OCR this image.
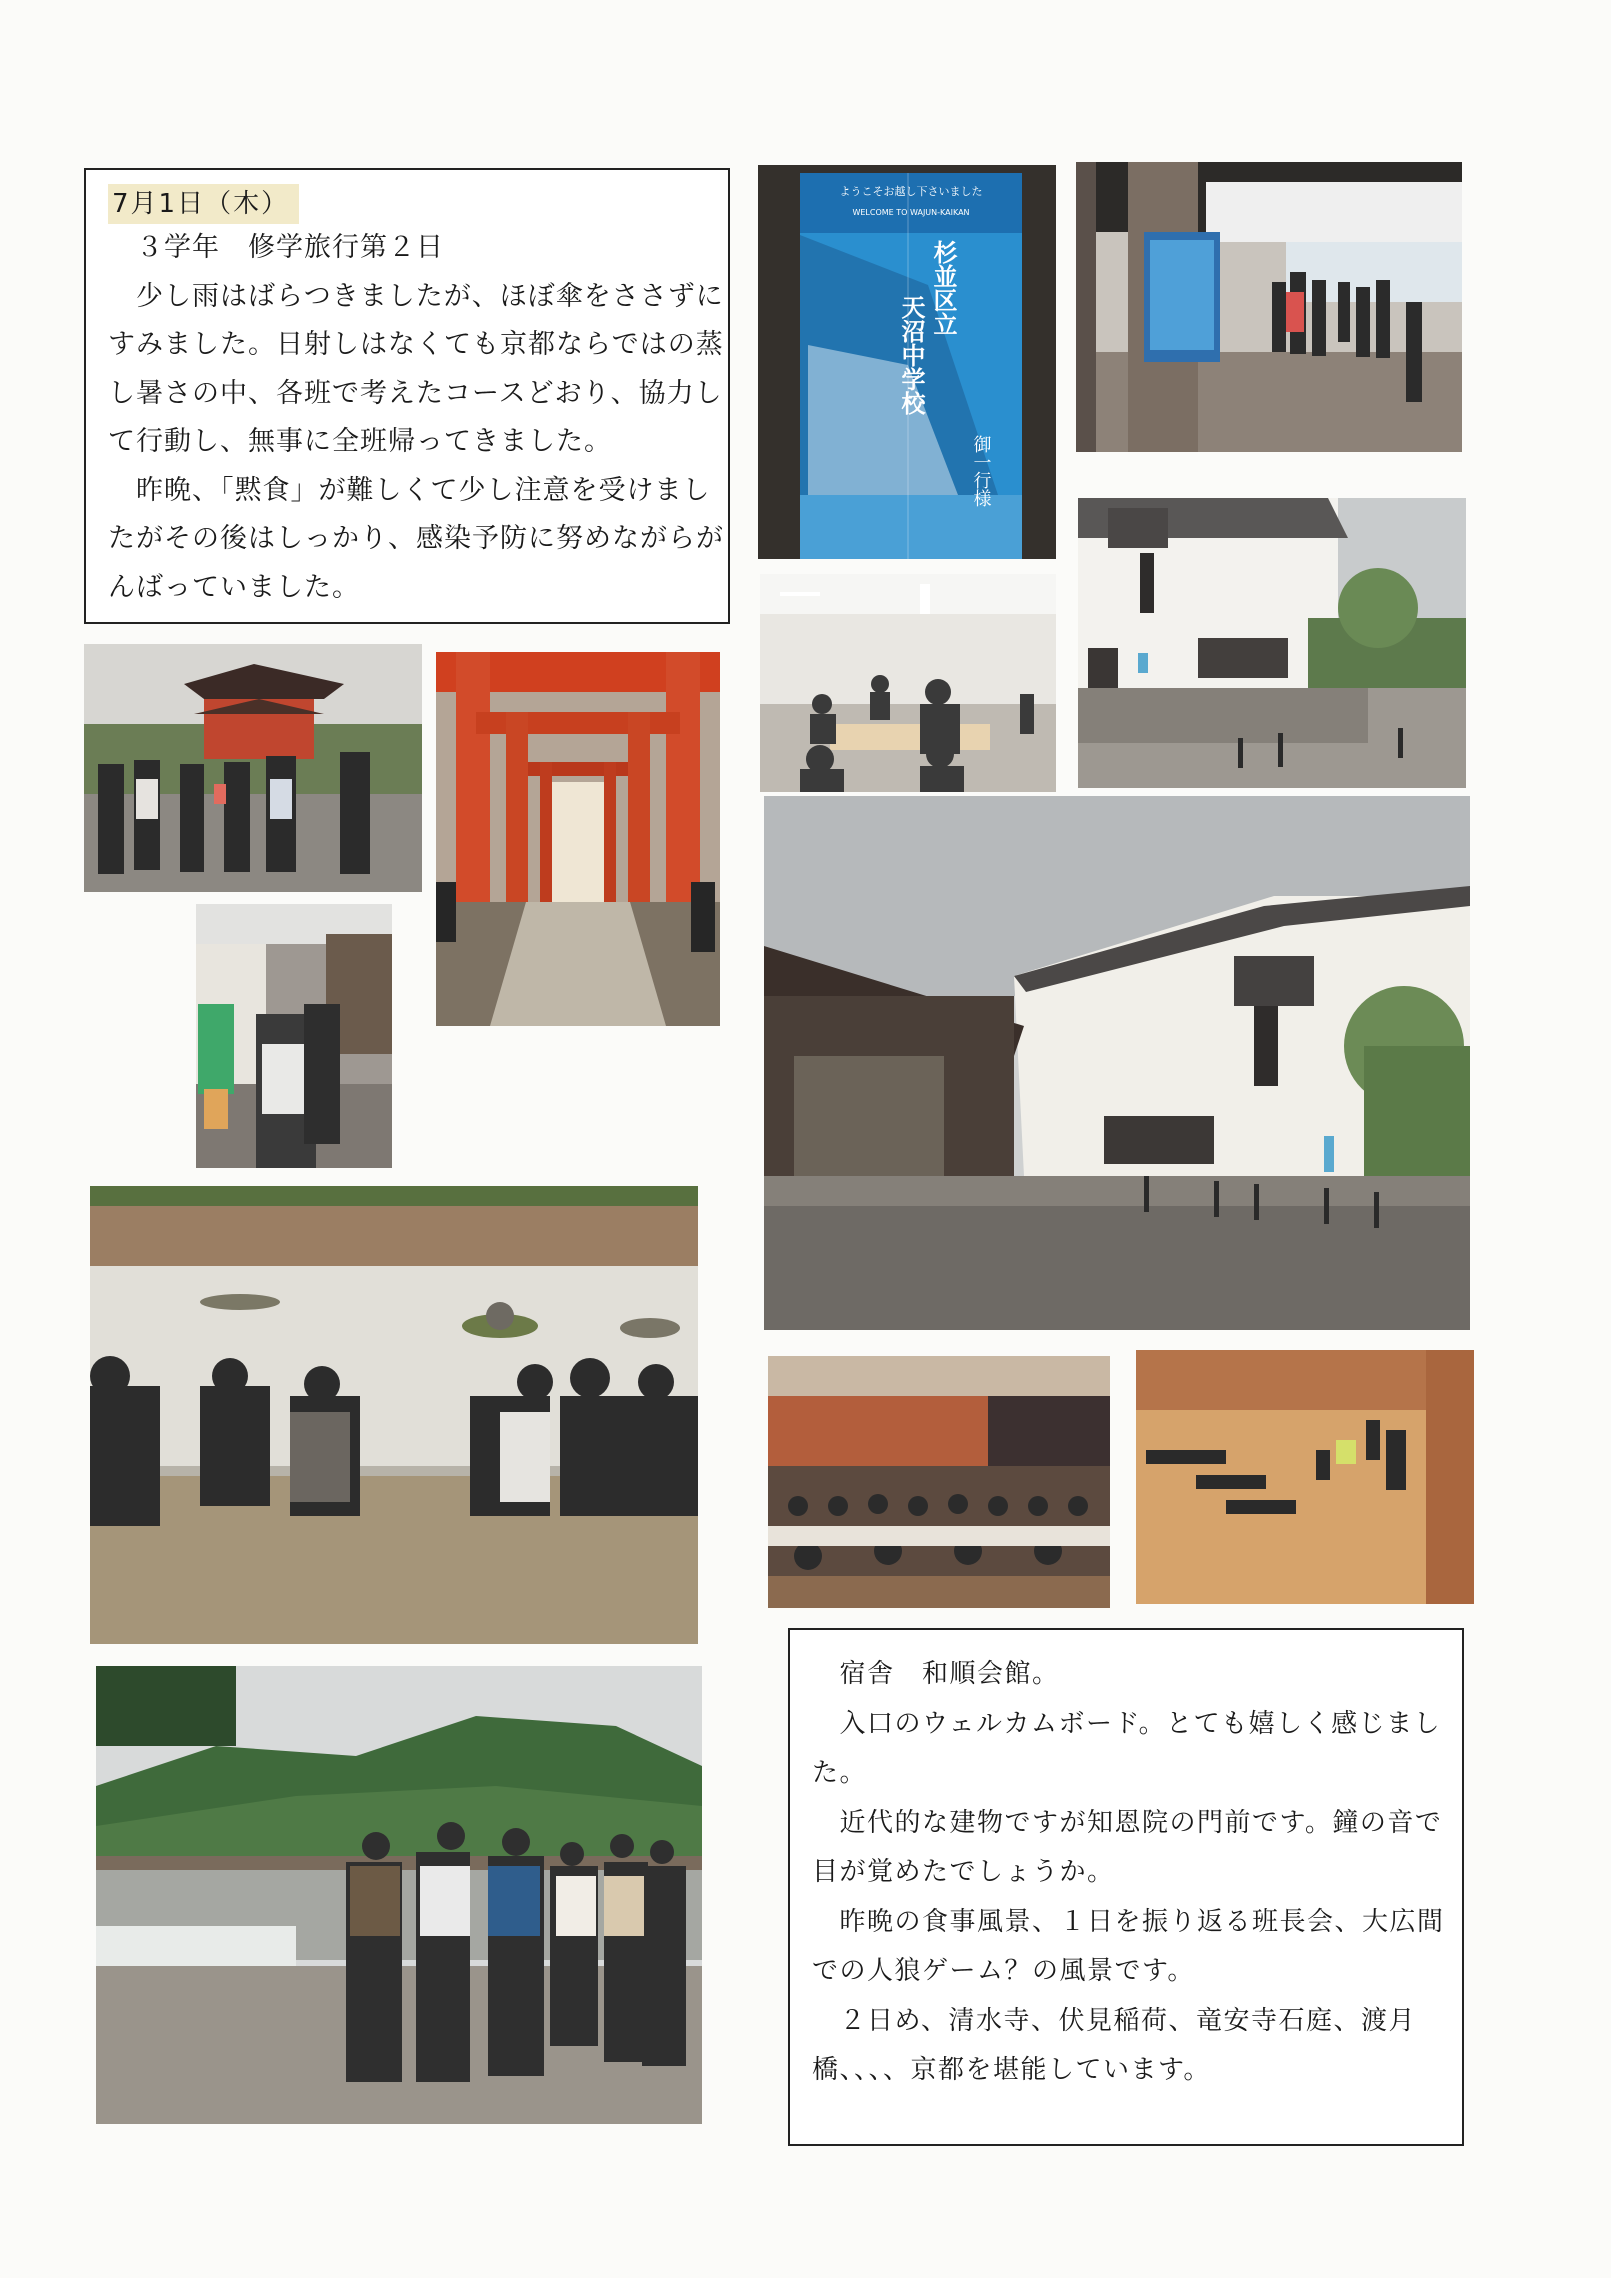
7月1日（木）
　３学年　修学旅行第２日
　少し雨はばらつきましたが、ほぼ傘をささずに
すみました。日射しはなくても京都ならではの蒸
し暑さの中、各班で考えたコースどおり、協力し
て行動し、無事に全班帰ってきました。
　昨晩、「黙食」が難しくて少し注意を受けまし
たがその後はしっかり、感染予防に努めながらが
んばっていました。
ようこそお越し下さいました
WELCOME TO WAJUN-KAIKAN
杉並区立
天沼中学校
御一行様
　宿舎　和順会館。
　入口のウェルカムボード。とても嬉しく感じまし
た。
　近代的な建物ですが知恩院の門前です。鐘の音で
目が覚めたでしょうか。
　昨晩の食事風景、１日を振り返る班長会、大広間
での人狼ゲーム？の風景です。
　２日め、清水寺、伏見稲荷、竜安寺石庭、渡月
橋、、、、京都を堪能しています。
